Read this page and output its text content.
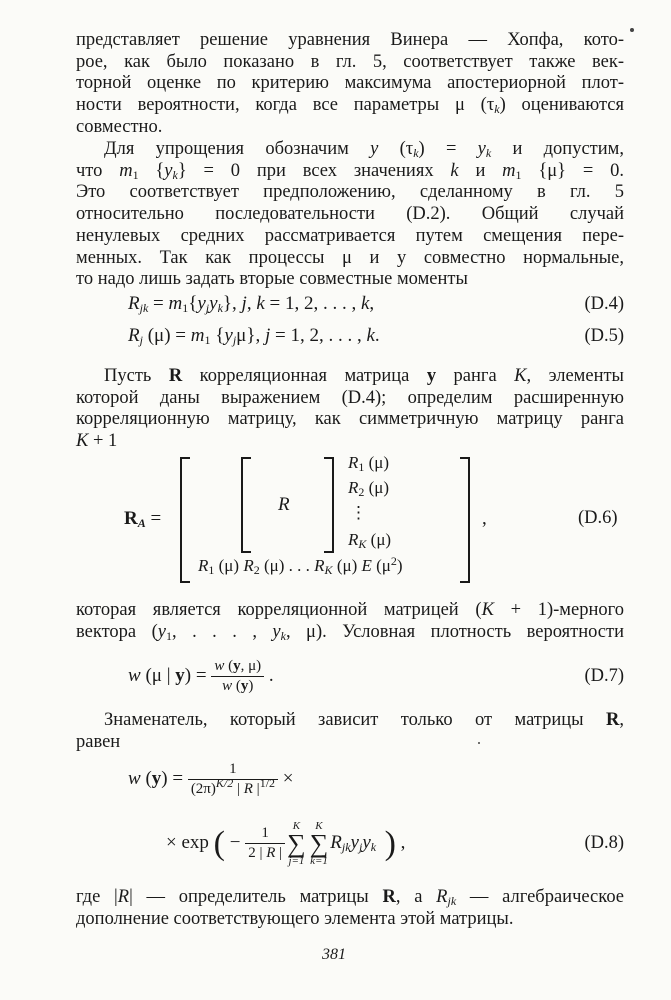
представляет решение уравнения Винера — Хопфа, кото-
рое, как было показано в гл. 5, соответствует также век-
торной оценке по критерию максимума апостериорной плот-
ности вероятности, когда все параметры μ $(\tau_k)$ оцениваются
совместно.
Для упрощения обозначим y $(\tau_k) = y_k$ и допустим,
что $m_1$ $\{y_k\} = 0$ при всех значениях k и $m_1$ {μ} = 0.
Это соответствует предположению, сделанному в гл. 5
относительно последовательности (D.2). Общий случай
ненулевых средних рассматривается путем смещения пере-
менных. Так как процессы μ и y совместно нормальные,
то надо лишь задать вторые совместные моменты
$R_{jk} = m_1\{y_jy_k\}$, j, k = 1, 2, . . . , k,	(D.4)
$R_j$ $(\mu) = m_1$ $\{y_j\mu\}$, j = 1, 2, . . . , k.	(D.5)
Пусть R корреляционная матрица y ранга K, элементы
которой даны выражением (D.4); определим расширенную
корреляционную матрицу, как симметричную матрицу ранга
K + 1
$R_A$ =
R
$R_1$ (μ)
$R_2$ (μ)
⋮
$R_K$ (μ)
$R_1$ (μ) $R_2$ (μ) . . . $R_K$ (μ) E $(\mu^2)$
,	(D.6)
которая является корреляционной матрицей (K + 1)-мерного
вектора ($y_1$, . . . , $y_k$, μ). Условная плотность вероятности
w (μ | $y) = \frac{w (y, \mu)}{w (y)}$ .	(D.7)
Знаменатель, который зависит только от матрицы R,
равен
w $(y) = \frac{1}{(2\pi)^{K/2} | R |^{1/2}}$ ×
× exp ( − $\frac{1}{2 | R |}$
K
∑
j=1
K
∑
k=1
$R_{jk}y_jy_k$ ) ,	(D.8)
где |R| — определитель матрицы R, а $R_{jk}$ — алгебраическое
дополнение соответствующего элемента этой матрицы.
381
